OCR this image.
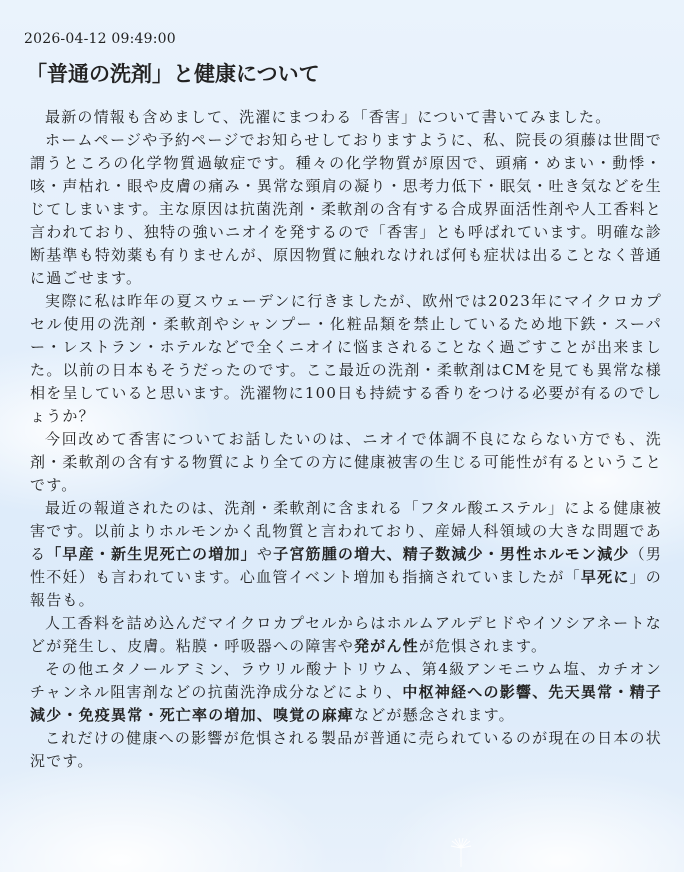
2026-04-12 09:49:00
「普通の洗剤」と健康について

最新の情報も含めまして、洗濯にまつわる「香害」について書いてみました。

ホームページや予約ページでお知らせしておりますように、私、院長の須藤は世間で謂うところの化学物質過敏症です。種々の化学物質が原因で、頭痛・めまい・動悸・咳・声枯れ・眼や皮膚の痛み・異常な頸肩の凝り・思考力低下・眠気・吐き気などを生じてしまいます。主な原因は抗菌洗剤・柔軟剤の含有する合成界面活性剤や人工香料と言われており、独特の強いニオイを発するので「香害」とも呼ばれています。明確な診断基準も特効薬も有りませんが、原因物質に触れなければ何も症状は出ることなく普通に過ごせます。

実際に私は昨年の夏スウェーデンに行きましたが、欧州では2023年にマイクロカプセル使用の洗剤・柔軟剤やシャンプー・化粧品類を禁止しているため地下鉄・スーパー・レストラン・ホテルなどで全くニオイに悩まされることなく過ごすことが出来ました。以前の日本もそうだったのです。ここ最近の洗剤・柔軟剤はCMを見ても異常な様相を呈していると思います。洗濯物に100日も持続する香りをつける必要が有るのでしょうか？

今回改めて香害についてお話したいのは、ニオイで体調不良にならない方でも、洗剤・柔軟剤の含有する物質により全ての方に健康被害の生じる可能性が有るということです。

最近の報道されたのは、洗剤・柔軟剤に含まれる「フタル酸エステル」による健康被害です。以前よりホルモンかく乱物質と言われており、産婦人科領域の大きな問題である「早産・新生児死亡の増加」や子宮筋腫の増大、精子数減少・男性ホルモン減少（男性不妊）も言われています。心血管イベント増加も指摘されていましたが「早死に」の報告も。

人工香料を詰め込んだマイクロカプセルからはホルムアルデヒドやイソシアネートなどが発生し、皮膚。粘膜・呼吸器への障害や発がん性が危惧されます。

その他エタノールアミン、ラウリル酸ナトリウム、第4級アンモニウム塩、カチオンチャンネル阻害剤などの抗菌洗浄成分などにより、中枢神経への影響、先天異常・精子減少・免疫異常・死亡率の増加、嗅覚の麻痺などが懸念されます。

これだけの健康への影響が危惧される製品が普通に売られているのが現在の日本の状況です。
